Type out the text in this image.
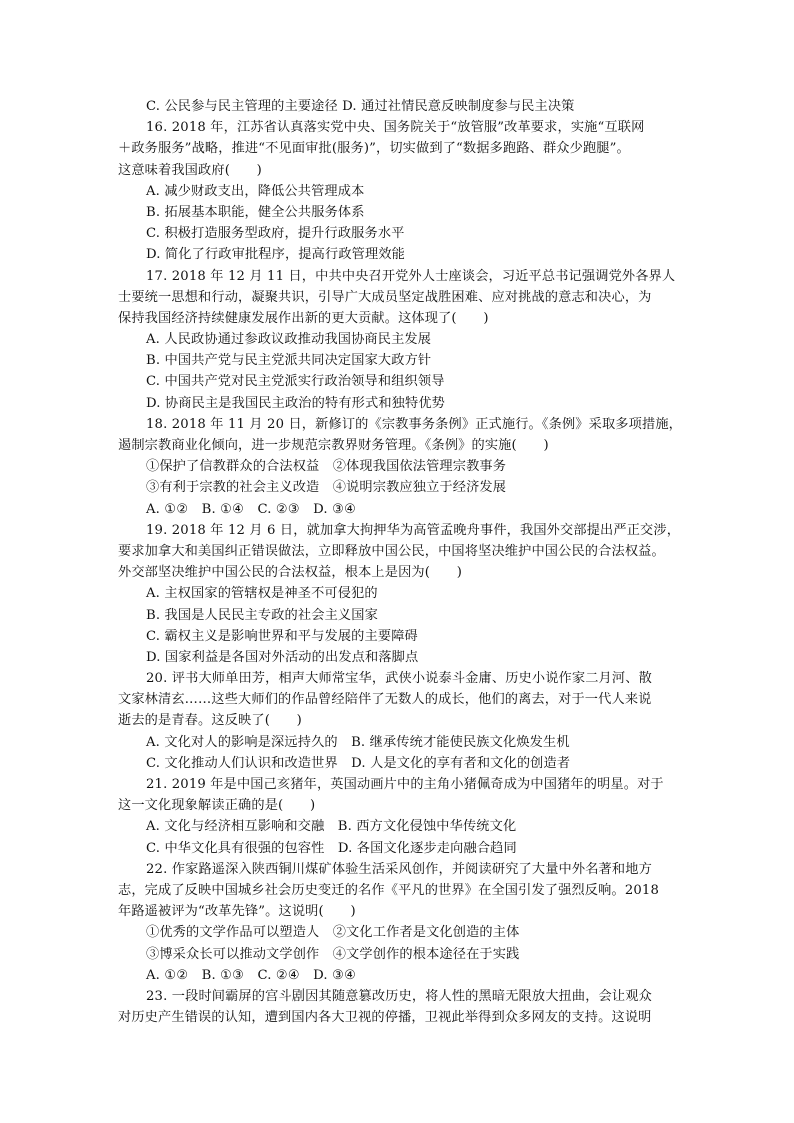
C. 公民参与民主管理的主要途径 D. 通过社情民意反映制度参与民主决策
16. 2018 年，江苏省认真落实党中央、国务院关于“放管服”改革要求，实施“互联网
＋政务服务”战略，推进“不见面审批(服务)”，切实做到了“数据多跑路、群众少跑腿”。
这意味着我国政府(　　)
A. 减少财政支出，降低公共管理成本
B. 拓展基本职能，健全公共服务体系
C. 积极打造服务型政府，提升行政服务水平
D. 简化了行政审批程序，提高行政管理效能
17. 2018 年 12 月 11 日，中共中央召开党外人士座谈会，习近平总书记强调党外各界人
士要统一思想和行动，凝聚共识，引导广大成员坚定战胜困难、应对挑战的意志和决心，为
保持我国经济持续健康发展作出新的更大贡献。这体现了(　　)
A. 人民政协通过参政议政推动我国协商民主发展
B. 中国共产党与民主党派共同决定国家大政方针
C. 中国共产党对民主党派实行政治领导和组织领导
D. 协商民主是我国民主政治的特有形式和独特优势
18. 2018 年 11 月 20 日，新修订的《宗教事务条例》正式施行。《条例》采取多项措施，
遏制宗教商业化倾向，进一步规范宗教界财务管理。《条例》的实施(　　)
①保护了信教群众的合法权益　②体现我国依法管理宗教事务
③有利于宗教的社会主义改造　④说明宗教应独立于经济发展
A. ①②　B. ①④　C. ②③　D. ③④
19. 2018 年 12 月 6 日，就加拿大拘押华为高管孟晚舟事件，我国外交部提出严正交涉，
要求加拿大和美国纠正错误做法，立即释放中国公民，中国将坚决维护中国公民的合法权益。
外交部坚决维护中国公民的合法权益，根本上是因为(　　)
A. 主权国家的管辖权是神圣不可侵犯的
B. 我国是人民民主专政的社会主义国家
C. 霸权主义是影响世界和平与发展的主要障碍
D. 国家利益是各国对外活动的出发点和落脚点
20. 评书大师单田芳，相声大师常宝华，武侠小说泰斗金庸、历史小说作家二月河、散
文家林清玄……这些大师们的作品曾经陪伴了无数人的成长，他们的离去，对于一代人来说
逝去的是青春。这反映了(　　)
A. 文化对人的影响是深远持久的　B. 继承传统才能使民族文化焕发生机
C. 文化推动人们认识和改造世界　D. 人是文化的享有者和文化的创造者
21. 2019 年是中国己亥猪年，英国动画片中的主角小猪佩奇成为中国猪年的明星。对于
这一文化现象解读正确的是(　　)
A. 文化与经济相互影响和交融　B. 西方文化侵蚀中华传统文化
C. 中华文化具有很强的包容性　D. 各国文化逐步走向融合趋同
22. 作家路遥深入陕西铜川煤矿体验生活采风创作，并阅读研究了大量中外名著和地方
志，完成了反映中国城乡社会历史变迁的名作《平凡的世界》在全国引发了强烈反响。2018
年路遥被评为“改革先锋”。这说明(　　)
①优秀的文学作品可以塑造人　②文化工作者是文化创造的主体
③博采众长可以推动文学创作　④文学创作的根本途径在于实践
A. ①②　B. ①③　C. ②④　D. ③④
23. 一段时间霸屏的宫斗剧因其随意篡改历史，将人性的黑暗无限放大扭曲，会让观众
对历史产生错误的认知，遭到国内各大卫视的停播，卫视此举得到众多网友的支持。这说明
